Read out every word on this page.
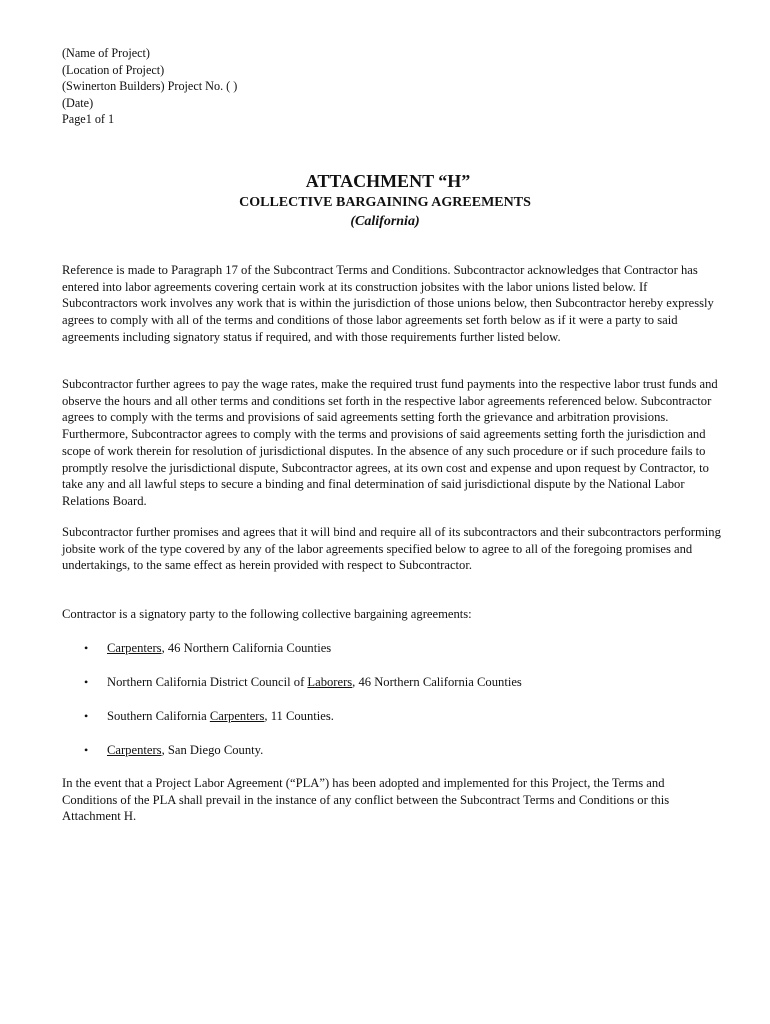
(Name of Project)
(Location of Project)
(Swinerton Builders) Project No. ( )
(Date)
Page1 of 1
ATTACHMENT “H”
COLLECTIVE BARGAINING AGREEMENTS
(California)

Reference is made to Paragraph 17 of the Subcontract Terms and Conditions. Subcontractor acknowledges that Contractor has entered into labor agreements covering certain work at its construction jobsites with the labor unions listed below. If Subcontractors work involves any work that is within the jurisdiction of those unions below, then Subcontractor hereby expressly agrees to comply with all of the terms and conditions of those labor agreements set forth below as if it were a party to said agreements including signatory status if required, and with those requirements further listed below.

Subcontractor further agrees to pay the wage rates, make the required trust fund payments into the respective labor trust funds and observe the hours and all other terms and conditions set forth in the respective labor agreements referenced below. Subcontractor agrees to comply with the terms and provisions of said agreements setting forth the grievance and arbitration provisions. Furthermore, Subcontractor agrees to comply with the terms and provisions of said agreements setting forth the jurisdiction and scope of work therein for resolution of jurisdictional disputes. In the absence of any such procedure or if such procedure fails to promptly resolve the jurisdictional dispute, Subcontractor agrees, at its own cost and expense and upon request by Contractor, to take any and all lawful steps to secure a binding and final determination of said jurisdictional dispute by the National Labor Relations Board.

Subcontractor further promises and agrees that it will bind and require all of its subcontractors and their subcontractors performing jobsite work of the type covered by any of the labor agreements specified below to agree to all of the foregoing promises and undertakings, to the same effect as herein provided with respect to Subcontractor.

Contractor is a signatory party to the following collective bargaining agreements:

• Carpenters, 46 Northern California Counties
• Northern California District Council of Laborers, 46 Northern California Counties
• Southern California Carpenters, 11 Counties.
• Carpenters, San Diego County.

In the event that a Project Labor Agreement (“PLA”) has been adopted and implemented for this Project, the Terms and Conditions of the PLA shall prevail in the instance of any conflict between the Subcontract Terms and Conditions or this Attachment H.
